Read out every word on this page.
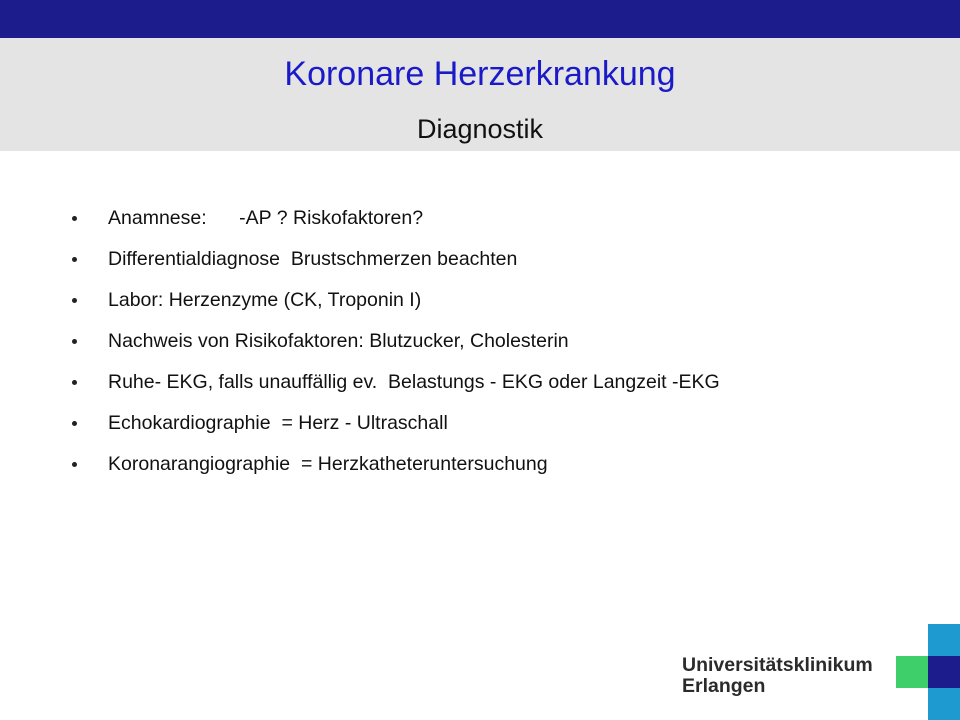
Koronare Herzerkrankung
Diagnostik
Anamnese:      -AP ? Riskofaktoren?
Differentialdiagnose  Brustschmerzen beachten
Labor: Herzenzyme (CK, Troponin I)
Nachweis von Risikofaktoren: Blutzucker, Cholesterin
Ruhe- EKG, falls unauffällig ev.  Belastungs - EKG oder Langzeit -EKG
Echokardiographie  = Herz - Ultraschall
Koronarangiographie  = Herzkatheteruntersuchung
Universitätsklinikum
Erlangen
